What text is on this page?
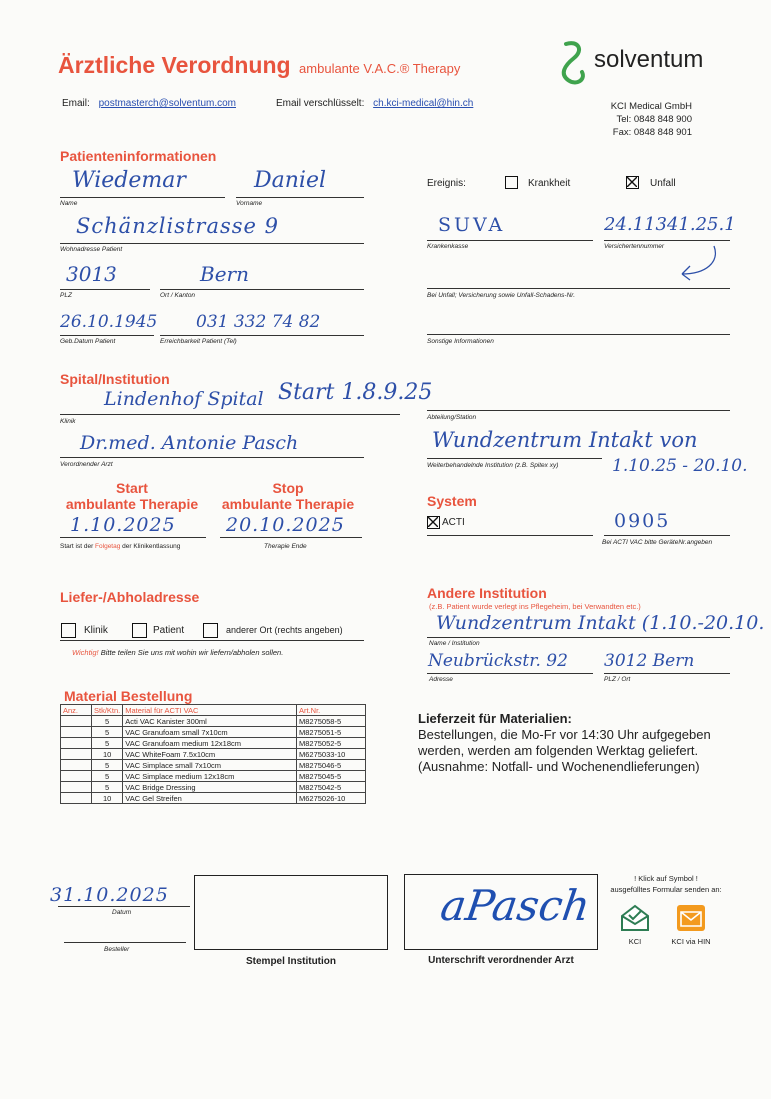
Ärztliche Verordnung ambulante V.A.C.® Therapy	solventum
Email: postmasterch@solventum.com	Email verschlüsselt: ch.kci-medical@hin.ch	KCI Medical GmbH
Tel: 0848 848 900
Fax: 0848 848 901
Patienteninformationen
Wiedemar
Name
Daniel
Vorname
Schänzlistrasse 9
Wohnadresse Patient
3013
PLZ
Bern
Ort / Kanton
26.10.1945
Geb.Datum Patient
031 332 74 82
Erreichbarkeit Patient (Tel)
Ereignis:	Krankheit	Unfall
SUVA
Krankenkasse
24.11341.25.1
Versichertennummer
Bei Unfall; Versicherung sowie Unfall-Schadens-Nr.
Sonstige Informationen
Spital/Institution
Lindenhof Spital Start 1.8.9.25
Klinik
Abteilung/Station
Dr.med. Antonie Pasch
Verordnender Arzt
Wundzentrum Intakt von
Weiterbehandelnde Institution (z.B. Spitex xy)	1.10.25 - 20.10.
Start
ambulante Therapie
Stop
ambulante Therapie
1.10.2025
Start ist der Folgetag der Klinikentlassung
20.10.2025
Therapie Ende
System
ACTI	0905
Bei ACTI VAC bitte GeräteNr.angeben
Liefer-/Abholadresse
Klinik	Patient	anderer Ort (rechts angeben)
Wichtig! Bitte teilen Sie uns mit wohin wir liefern/abholen sollen.
Andere Institution
(z.B. Patient wurde verlegt ins Pflegeheim, bei Verwandten etc.)
Wundzentrum Intakt (1.10.-20.10.
Name / Institution
Neubrückstr. 92
Adresse
3012 Bern
PLZ / Ort
Material Bestellung
Anz.	Stk/Ktn.	Material für ACTI VAC	Art.Nr.
	5	Acti VAC Kanister 300ml	M8275058-5
	5	VAC Granufoam small 7x10cm	M8275051-5
	5	VAC Granufoam medium 12x18cm	M8275052-5
	10	VAC WhiteFoam 7.5x10cm	M6275033-10
	5	VAC Simplace small 7x10cm	M8275046-5
	5	VAC Simplace medium 12x18cm	M8275045-5
	5	VAC Bridge Dressing	M8275042-5
	10	VAC Gel Streifen	M6275026-10
Lieferzeit für Materialien:
Bestellungen, die Mo-Fr vor 14:30 Uhr aufgegeben
werden, werden am folgenden Werktag geliefert.
(Ausnahme: Notfall- und Wochenendlieferungen)
31.10.2025
Datum
Besteller
Stempel Institution
aPasch
Unterschrift verordnender Arzt
! Klick auf Symbol !
ausgefülltes Formular senden an:
KCI	KCI via HIN
